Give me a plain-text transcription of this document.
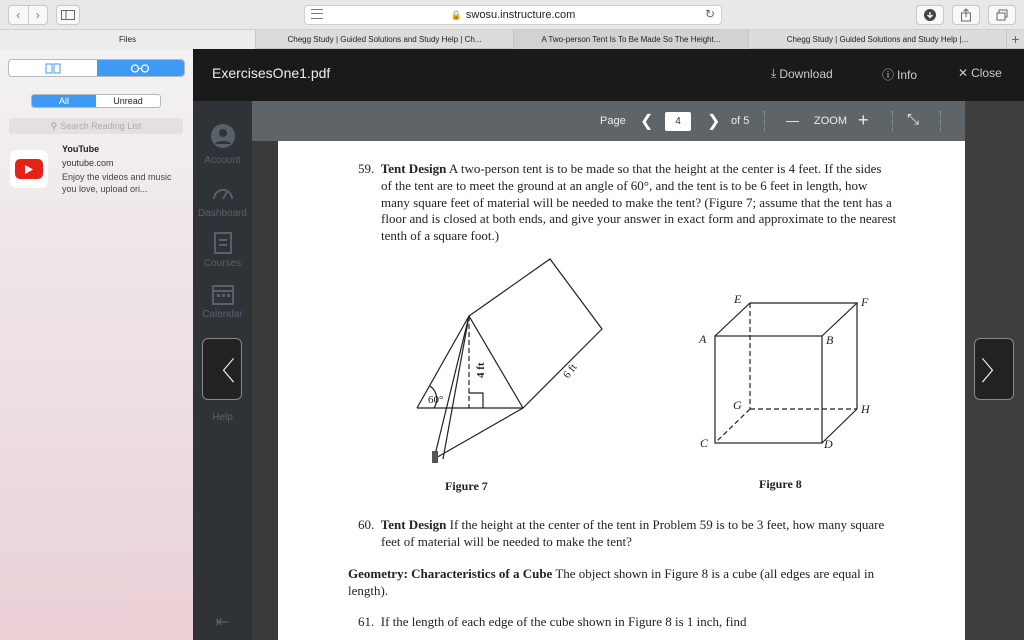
‹	›	🔒 swosu.instructure.com	↻
Files	Chegg Study | Guided Solutions and Study Help | Ch...	A Two-person Tent Is To Be Made So The Height...	Chegg Study | Guided Solutions and Study Help |...	+
All	Unread
⚲ Search Reading List
YouTube
youtube.com
Enjoy the videos and music you love, upload ori...
ExercisesOne1.pdf	⤓ Download	ⓘ Info	✕ Close
Account
Dashboard
Courses
Calendar
Help
⇤
Page ❮	4	❯ of 5	— ZOOM +	⤡
59. Tent Design A two-person tent is to be made so that the height at the center is 4 feet. If the sides
of the tent are to meet the ground at an angle of 60°, and the tent is to be 6 feet in length, how
many square feet of material will be needed to make the tent? (Figure 7; assume that the tent has a
floor and is closed at both ends, and give your answer in exact form and approximate to the nearest
tenth of a square foot.)
60°
4 ft	6 ft
Figure 7
A	B
C	D
E	F
G	H
Figure 8
60. Tent Design If the height at the center of the tent in Problem 59 is to be 3 feet, how many square
feet of material will be needed to make the tent?
Geometry: Characteristics of a Cube The object shown in Figure 8 is a cube (all edges are equal in
length).
61. If the length of each edge of the cube shown in Figure 8 is 1 inch, find
〈	〉
